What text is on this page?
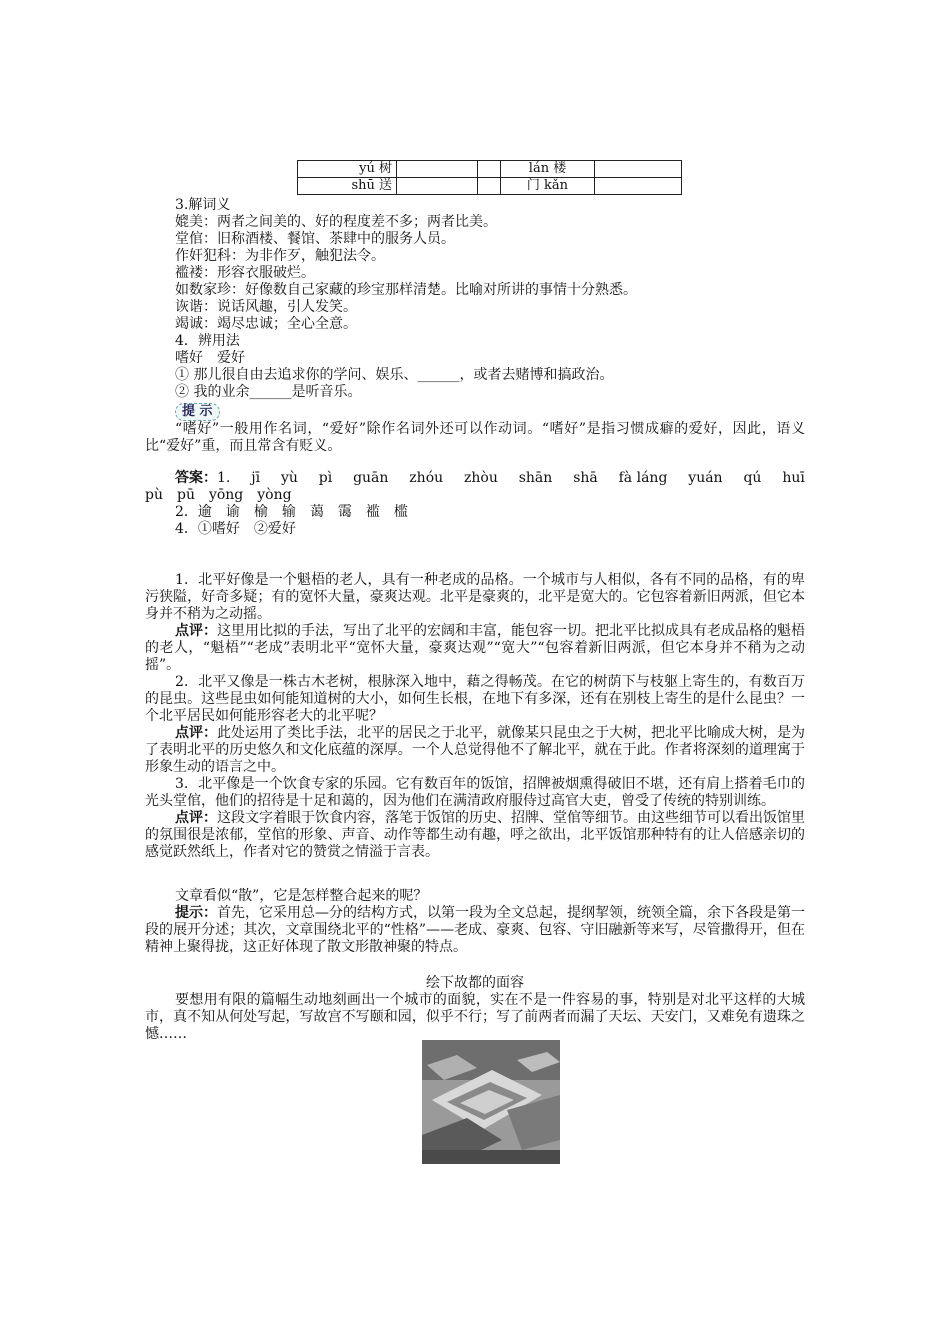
yú 树			lán 楼	
shū 送			门 kǎn	
3.解词义
媲美：两者之间美的、好的程度差不多；两者比美。
堂倌：旧称酒楼、餐馆、茶肆中的服务人员。
作奸犯科：为非作歹，触犯法令。
褴褛：形容衣服破烂。
如数家珍：好像数自己家藏的珍宝那样清楚。比喻对所讲的事情十分熟悉。
诙谐：说话风趣，引人发笑。
竭诚：竭尽忠诚；全心全意。
4．辨用法
嗜好　爱好
① 那儿很自由去追求你的学问、娱乐、______，或者去赌博和搞政治。
② 我的业余______是听音乐。
提 示
“嗜好”一般用作名词，“爱好”除作名词外还可以作动词。“嗜好”是指习惯成癖的爱好，因此，语义比“爱好”重，而且常含有贬义。
答案：1. jī yù pì guān zhóu zhòu shān shā fà láng yuán qú huī
pù　pū　yōng　yòng
2．逾　谕　榆　输　蔼　霭　褴　槛
4．①嗜好　②爱好
1．北平好像是一个魁梧的老人，具有一种老成的品格。一个城市与人相似，各有不同的品格，有的卑污狭隘，好奇多疑；有的宽怀大量，豪爽达观。北平是豪爽的，北平是宽大的。它包容着新旧两派，但它本身并不稍为之动摇。
点评：这里用比拟的手法，写出了北平的宏阔和丰富，能包容一切。把北平比拟成具有老成品格的魁梧的老人，“魁梧”“老成”表明北平“宽怀大量，豪爽达观”“宽大”“包容着新旧两派，但它本身并不稍为之动摇”。
2．北平又像是一株古木老树，根脉深入地中，藉之得畅茂。在它的树荫下与枝躯上寄生的，有数百万的昆虫。这些昆虫如何能知道树的大小，如何生长根，在地下有多深，还有在别枝上寄生的是什么昆虫？一个北平居民如何能形容老大的北平呢？
点评：此处运用了类比手法，北平的居民之于北平，就像某只昆虫之于大树，把北平比喻成大树，是为了表明北平的历史悠久和文化底蕴的深厚。一个人总觉得他不了解北平，就在于此。作者将深刻的道理寓于形象生动的语言之中。
3．北平像是一个饮食专家的乐园。它有数百年的饭馆，招牌被烟熏得破旧不堪，还有肩上搭着毛巾的光头堂倌，他们的招待是十足和蔼的，因为他们在满清政府服侍过高官大吏，曾受了传统的特别训练。
点评：这段文字着眼于饮食内容，落笔于饭馆的历史、招牌、堂倌等细节。由这些细节可以看出饭馆里的氛围很是浓郁，堂倌的形象、声音、动作等都生动有趣，呼之欲出，北平饭馆那种特有的让人倍感亲切的感觉跃然纸上，作者对它的赞赏之情溢于言表。
文章看似“散”，它是怎样整合起来的呢？
提示：首先，它采用总—分的结构方式，以第一段为全文总起，提纲挈领，统领全篇，余下各段是第一段的展开分述；其次，文章围绕北平的“性格”——老成、豪爽、包容、守旧融新等来写，尽管撒得开，但在精神上聚得拢，这正好体现了散文形散神聚的特点。
绘下故都的面容
要想用有限的篇幅生动地刻画出一个城市的面貌，实在不是一件容易的事，特别是对北平这样的大城市，真不知从何处写起，写故宫不写颐和园，似乎不行；写了前两者而漏了天坛、天安门，又难免有遗珠之憾……
